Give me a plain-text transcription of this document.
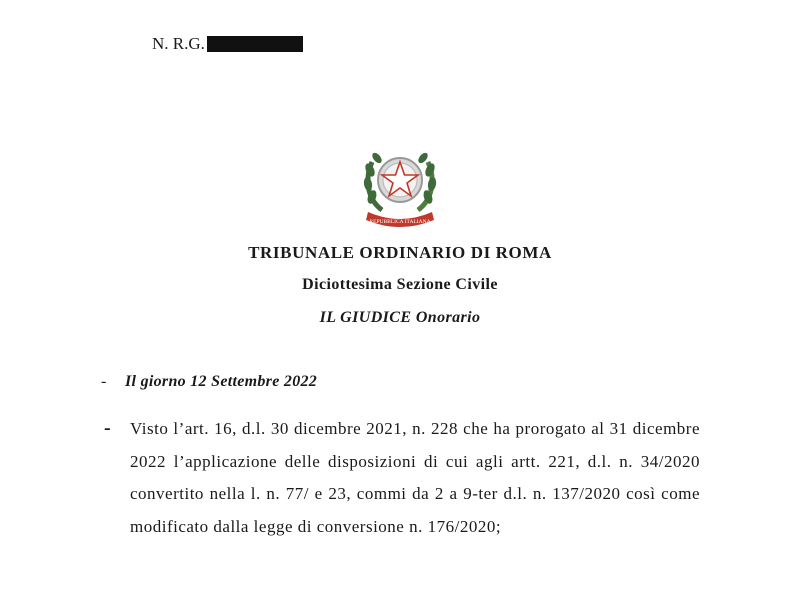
N. R.G.
REPUBBLICA ITALIANA
TRIBUNALE ORDINARIO DI ROMA
Diciottesima Sezione Civile
IL GIUDICE Onorario
-	Il giorno 12 Settembre 2022
-	Visto l’art. 16, d.l. 30 dicembre 2021, n. 228 che ha prorogato al 31 dicembre 2022 l’applicazione delle disposizioni di cui agli artt. 221, d.l. n. 34/2020 convertito nella l. n. 77/ e 23, commi da 2 a 9-ter d.l. n. 137/2020 così come modificato dalla legge di conversione n. 176/2020;
